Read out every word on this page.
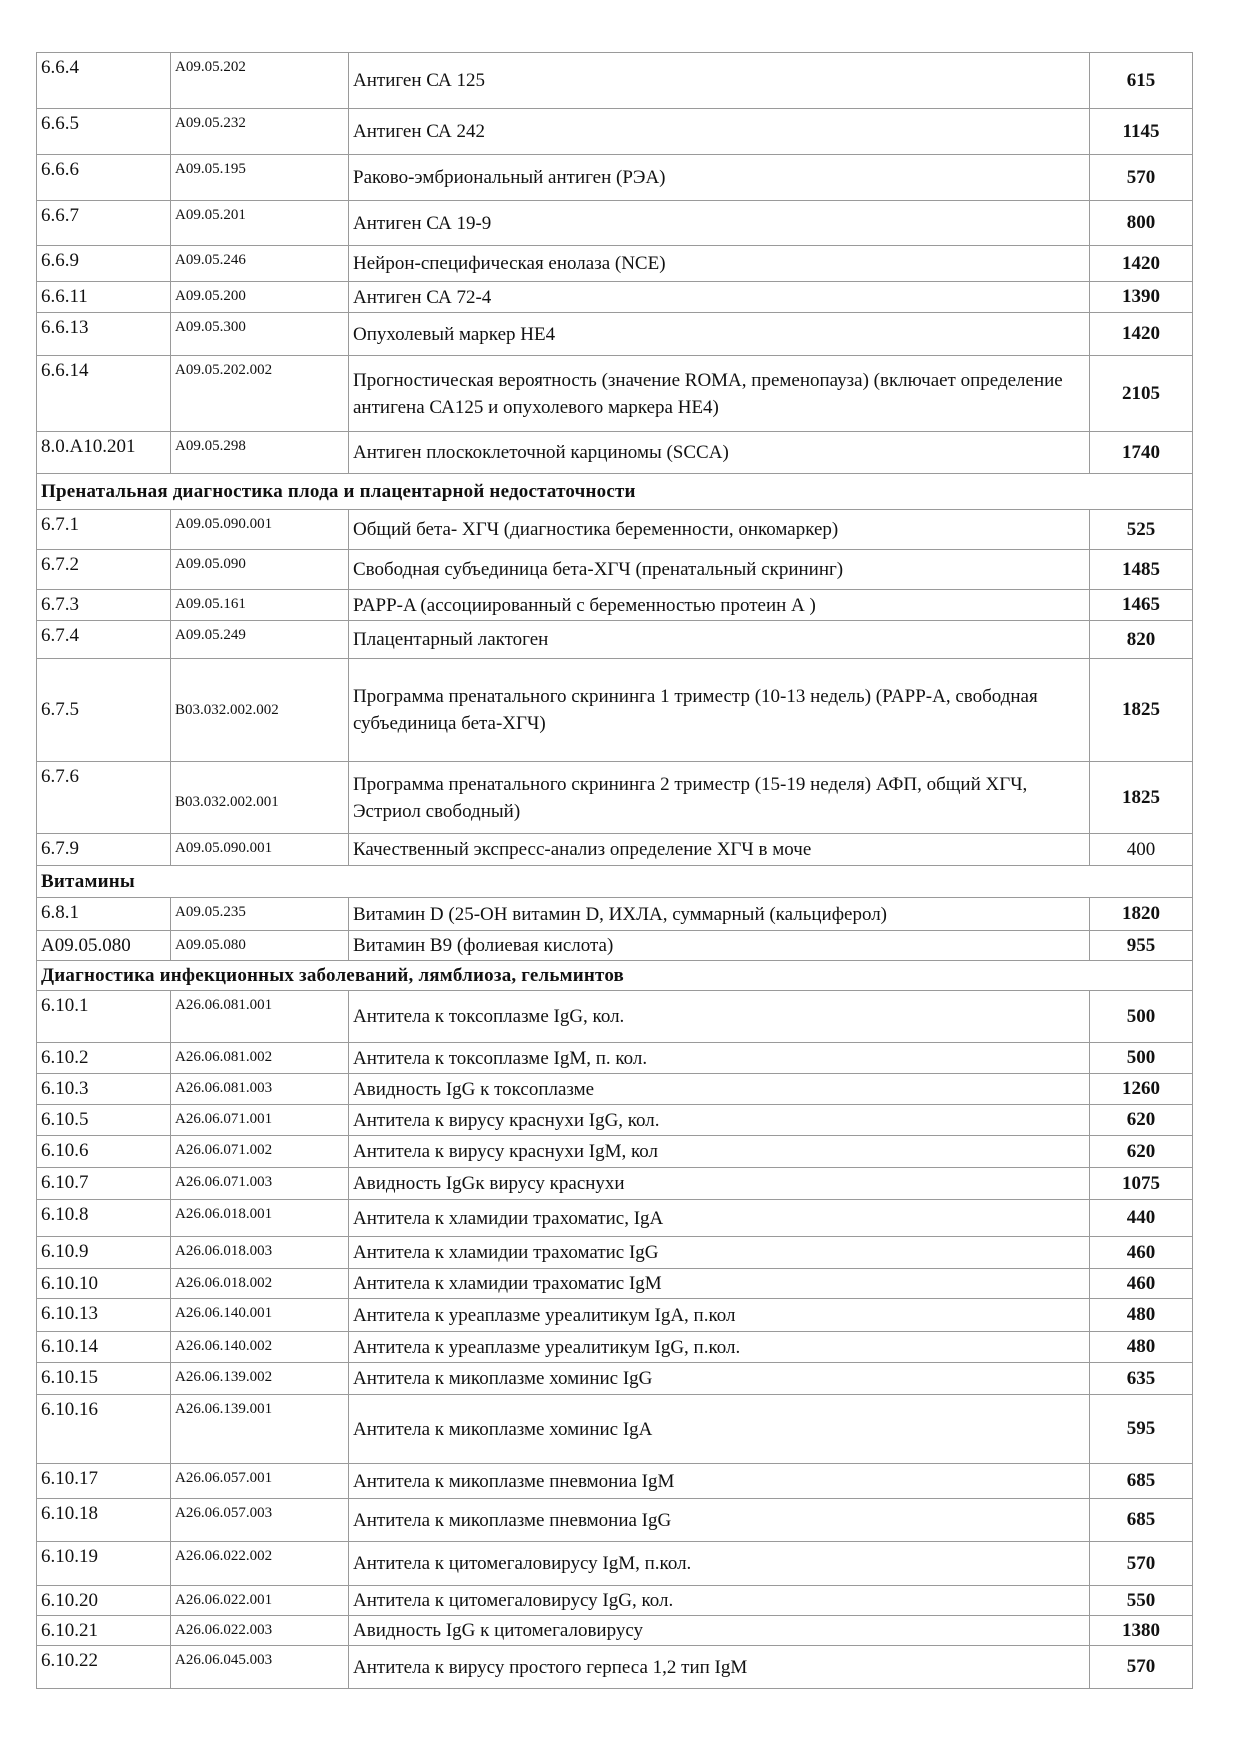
6.6.4	A09.05.202	Антиген СА 125	615
6.6.5	A09.05.232	Антиген СА 242	1145
6.6.6	A09.05.195	Раково-эмбриональный антиген (РЭА)	570
6.6.7	A09.05.201	Антиген СА 19-9	800
6.6.9	A09.05.246	Нейрон-специфическая енолаза (NCE)	1420
6.6.11	A09.05.200	Антиген СА 72-4	1390
6.6.13	A09.05.300	Опухолевый маркер НЕ4	1420
6.6.14	A09.05.202.002	Прогностическая вероятность (значение ROMA, пременопауза) (включает определение антигена СА125 и опухолевого маркера НЕ4)	2105
8.0.A10.201	A09.05.298	Антиген плоскоклеточной карциномы (SCCA)	1740
Пренатальная диагностика плода и плацентарной недостаточности			
6.7.1	A09.05.090.001	Общий бета- ХГЧ (диагностика беременности, онкомаркер)	525
6.7.2	A09.05.090	Свободная субъединица бета-ХГЧ (пренатальный скрининг)	1485
6.7.3	A09.05.161	PAPP-A (ассоциированный с беременностью протеин А )	1465
6.7.4	A09.05.249	Плацентарный лактоген	820
6.7.5	B03.032.002.002	Программа пренатального скрининга 1 триместр (10-13 недель) (PAPP-A, свободная субъединица бета-ХГЧ)	1825
6.7.6	B03.032.002.001	Программа пренатального скрининга 2 триместр (15-19 неделя) АФП, общий ХГЧ, Эстриол свободный)	1825
6.7.9	A09.05.090.001	Качественный экспресс-анализ определение ХГЧ в моче	400
Витамины			
6.8.1	A09.05.235	Витамин D (25-OH витамин D, ИХЛА, суммарный (кальциферол)	1820
A09.05.080	A09.05.080	Витамин В9 (фолиевая кислота)	955
Диагностика инфекционных заболеваний, лямблиоза, гельминтов			
6.10.1	A26.06.081.001	Антитела к токсоплазме IgG, кол.	500
6.10.2	A26.06.081.002	Антитела к токсоплазме IgM, п. кол.	500
6.10.3	A26.06.081.003	Авидность IgG к токсоплазме	1260
6.10.5	A26.06.071.001	Антитела к вирусу краснухи IgG, кол.	620
6.10.6	A26.06.071.002	Антитела к вирусу краснухи IgM, кол	620
6.10.7	A26.06.071.003	Авидность IgGк вирусу краснухи	1075
6.10.8	A26.06.018.001	Антитела к хламидии трахоматис, IgA	440
6.10.9	A26.06.018.003	Антитела к хламидии трахоматис IgG	460
6.10.10	A26.06.018.002	Антитела к хламидии трахоматис IgM	460
6.10.13	A26.06.140.001	Антитела к уреаплазме уреалитикум IgA, п.кол	480
6.10.14	A26.06.140.002	Антитела к уреаплазме уреалитикум IgG, п.кол.	480
6.10.15	A26.06.139.002	Антитела к микоплазме хоминис IgG	635
6.10.16	A26.06.139.001	Антитела к микоплазме хоминис IgA	595
6.10.17	A26.06.057.001	Антитела к микоплазме пневмониа IgM	685
6.10.18	A26.06.057.003	Антитела к микоплазме пневмониа IgG	685
6.10.19	A26.06.022.002	Антитела к цитомегаловирусу IgM, п.кол.	570
6.10.20	A26.06.022.001	Антитела к цитомегаловирусу IgG, кол.	550
6.10.21	A26.06.022.003	Авидность IgG к цитомегаловирусу	1380
6.10.22	A26.06.045.003	Антитела к вирусу простого герпеса 1,2 тип IgM	570
